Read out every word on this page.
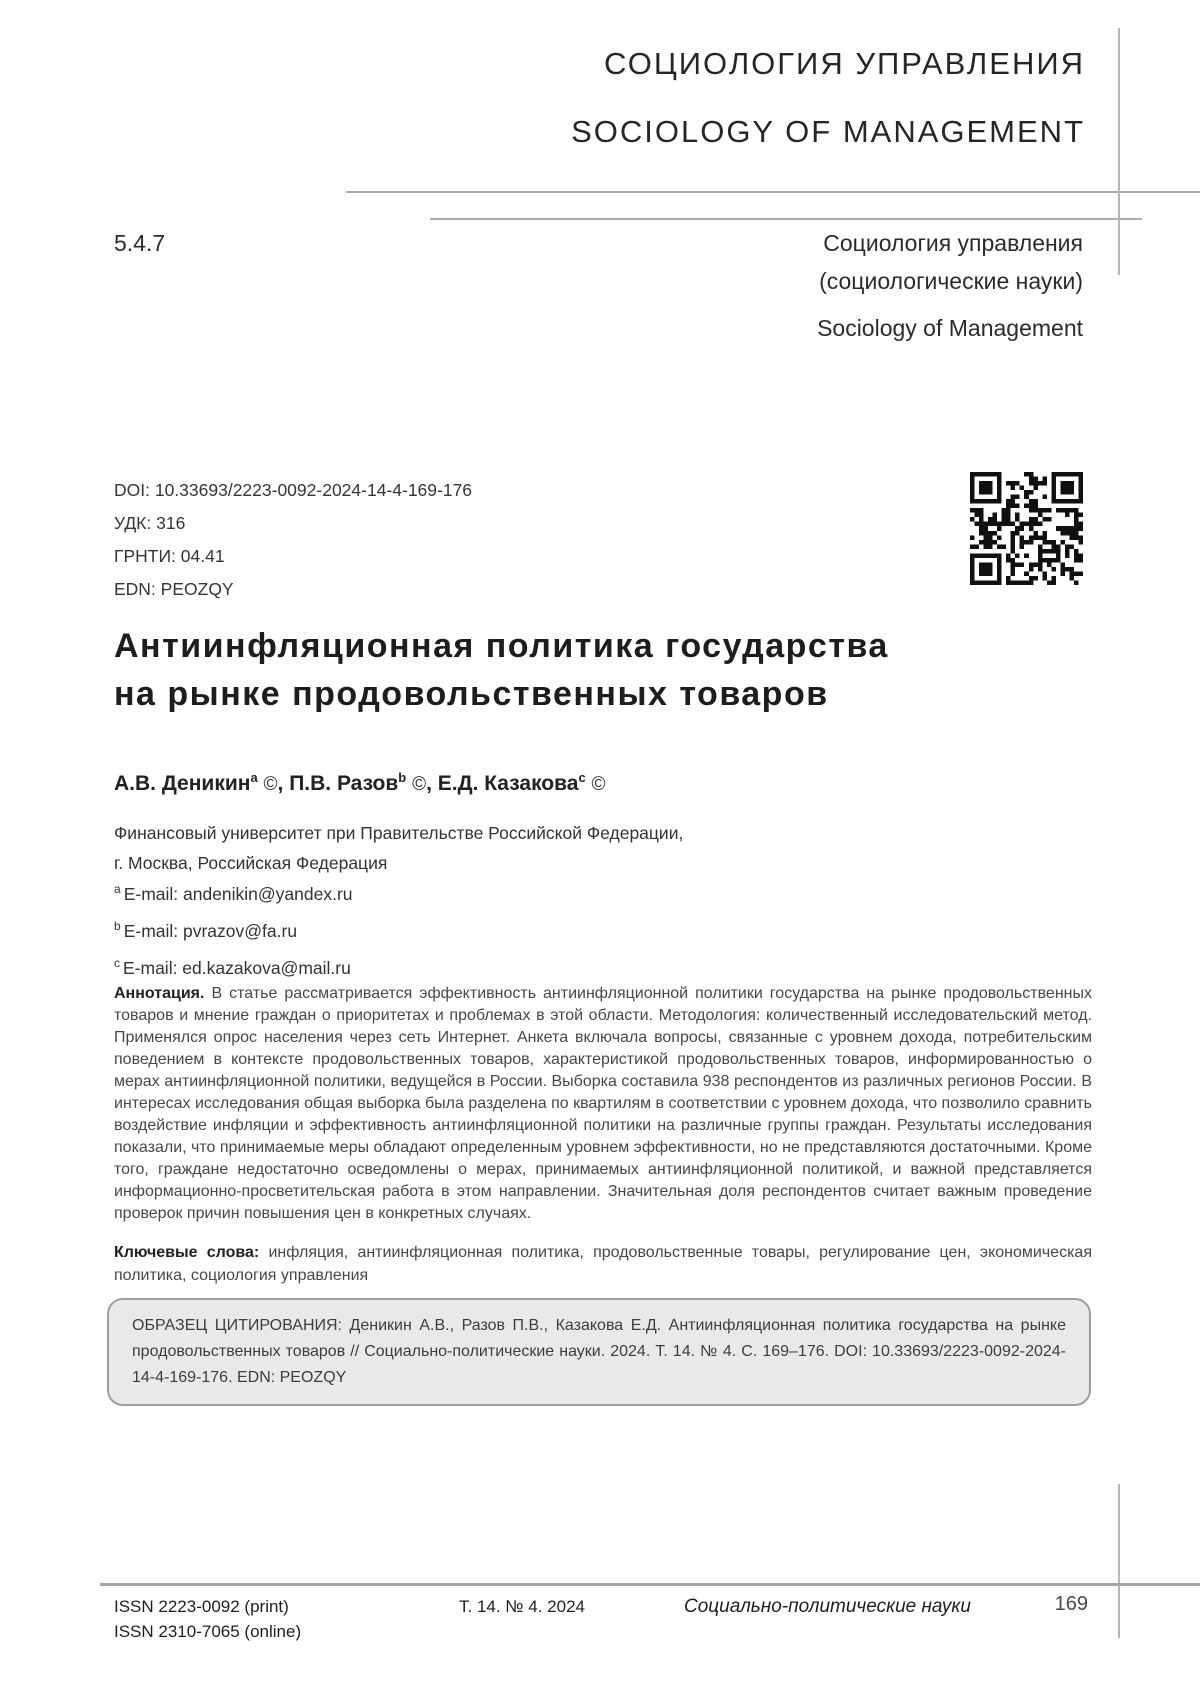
СОЦИОЛОГИЯ УПРАВЛЕНИЯ
SOCIOLOGY OF MANAGEMENT
5.4.7	Социология управления
(социологические науки)
Sociology of Management
DOI: 10.33693/2223-0092-2024-14-4-169-176
УДК: 316
ГРНТИ: 04.41
EDN: PEOZQY
Антиинфляционная политика государства
на рынке продовольственных товаров
А.В. Деникин$^a$ ©, П.В. Разов$^b$ ©, Е.Д. Казакова$^c$ ©
Финансовый университет при Правительстве Российской Федерации,
г. Москва, Российская Федерация
$^a$ E-mail: andenikin@yandex.ru
$^b$ E-mail: pvrazov@fa.ru
$^c$ E-mail: ed.kazakova@mail.ru
Аннотация. В статье рассматривается эффективность антиинфляционной политики государства на рынке продовольственных товаров и мнение граждан о приоритетах и проблемах в этой области. Методология: количественный исследовательский метод. Применялся опрос населения через сеть Интернет. Анкета включала вопросы, связанные с уровнем дохода, потребительским поведением в контексте продовольственных товаров, характеристикой продовольственных товаров, информированностью о мерах антиинфляционной политики, ведущейся в России. Выборка составила 938 респондентов из различных регионов России. В интересах исследования общая выборка была разделена по квартилям в соответствии с уровнем дохода, что позволило сравнить воздействие инфляции и эффективность антиинфляционной политики на различные группы граждан. Результаты исследования показали, что принимаемые меры обладают определенным уровнем эффективности, но не представляются достаточными. Кроме того, граждане недостаточно осведомлены о мерах, принимаемых антиинфляционной политикой, и важной представляется информационно-просветительская работа в этом направлении. Значительная доля респондентов считает важным проведение проверок причин повышения цен в конкретных случаях.
Ключевые слова: инфляция, антиинфляционная политика, продовольственные товары, регулирование цен, экономическая политика, социология управления
ОБРАЗЕЦ ЦИТИРОВАНИЯ: Деникин А.В., Разов П.В., Казакова Е.Д. Антиинфляционная политика государства на рынке продовольственных товаров // Социально-политические науки. 2024. Т. 14. № 4. С. 169–176. DOI: 10.33693/2223-0092-2024-14-4-169-176. EDN: PEOZQY
ISSN 2223-0092 (print)
ISSN 2310-7065 (online)
Т. 14. № 4. 2024	Социально-политические науки	169
